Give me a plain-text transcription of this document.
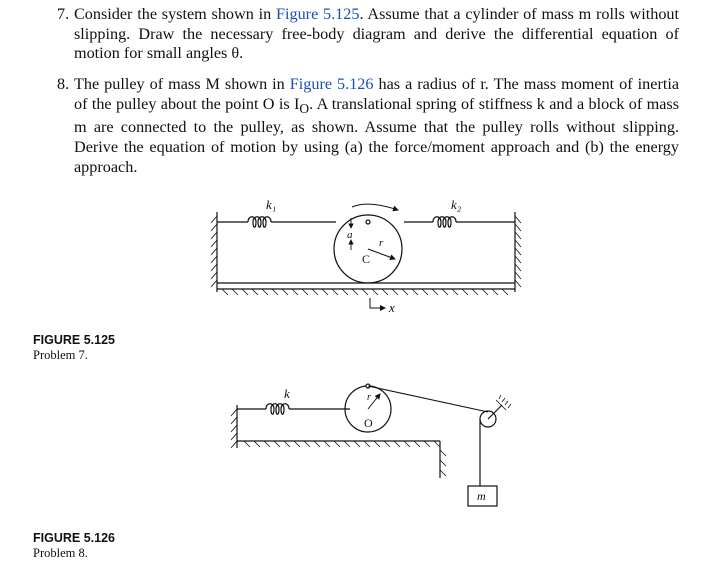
7. Consider the system shown in Figure 5.125. Assume that a cylinder of mass m rolls without slipping. Draw the necessary free-body diagram and derive the differential equation of motion for small angles θ.
8. The pulley of mass M shown in Figure 5.126 has a radius of r. The mass moment of inertia of the pulley about the point O is $I_O$. A translational spring of stiffness k and a block of mass m are connected to the pulley, as shown. Assume that the pulley rolls without slipping. Derive the equation of motion by using (a) the force/moment approach and (b) the energy approach.
FIGURE 5.125
Problem 7.
FIGURE 5.126
Problem 8.
k₁	k₂
a
r
x
C
k	r
m
O
